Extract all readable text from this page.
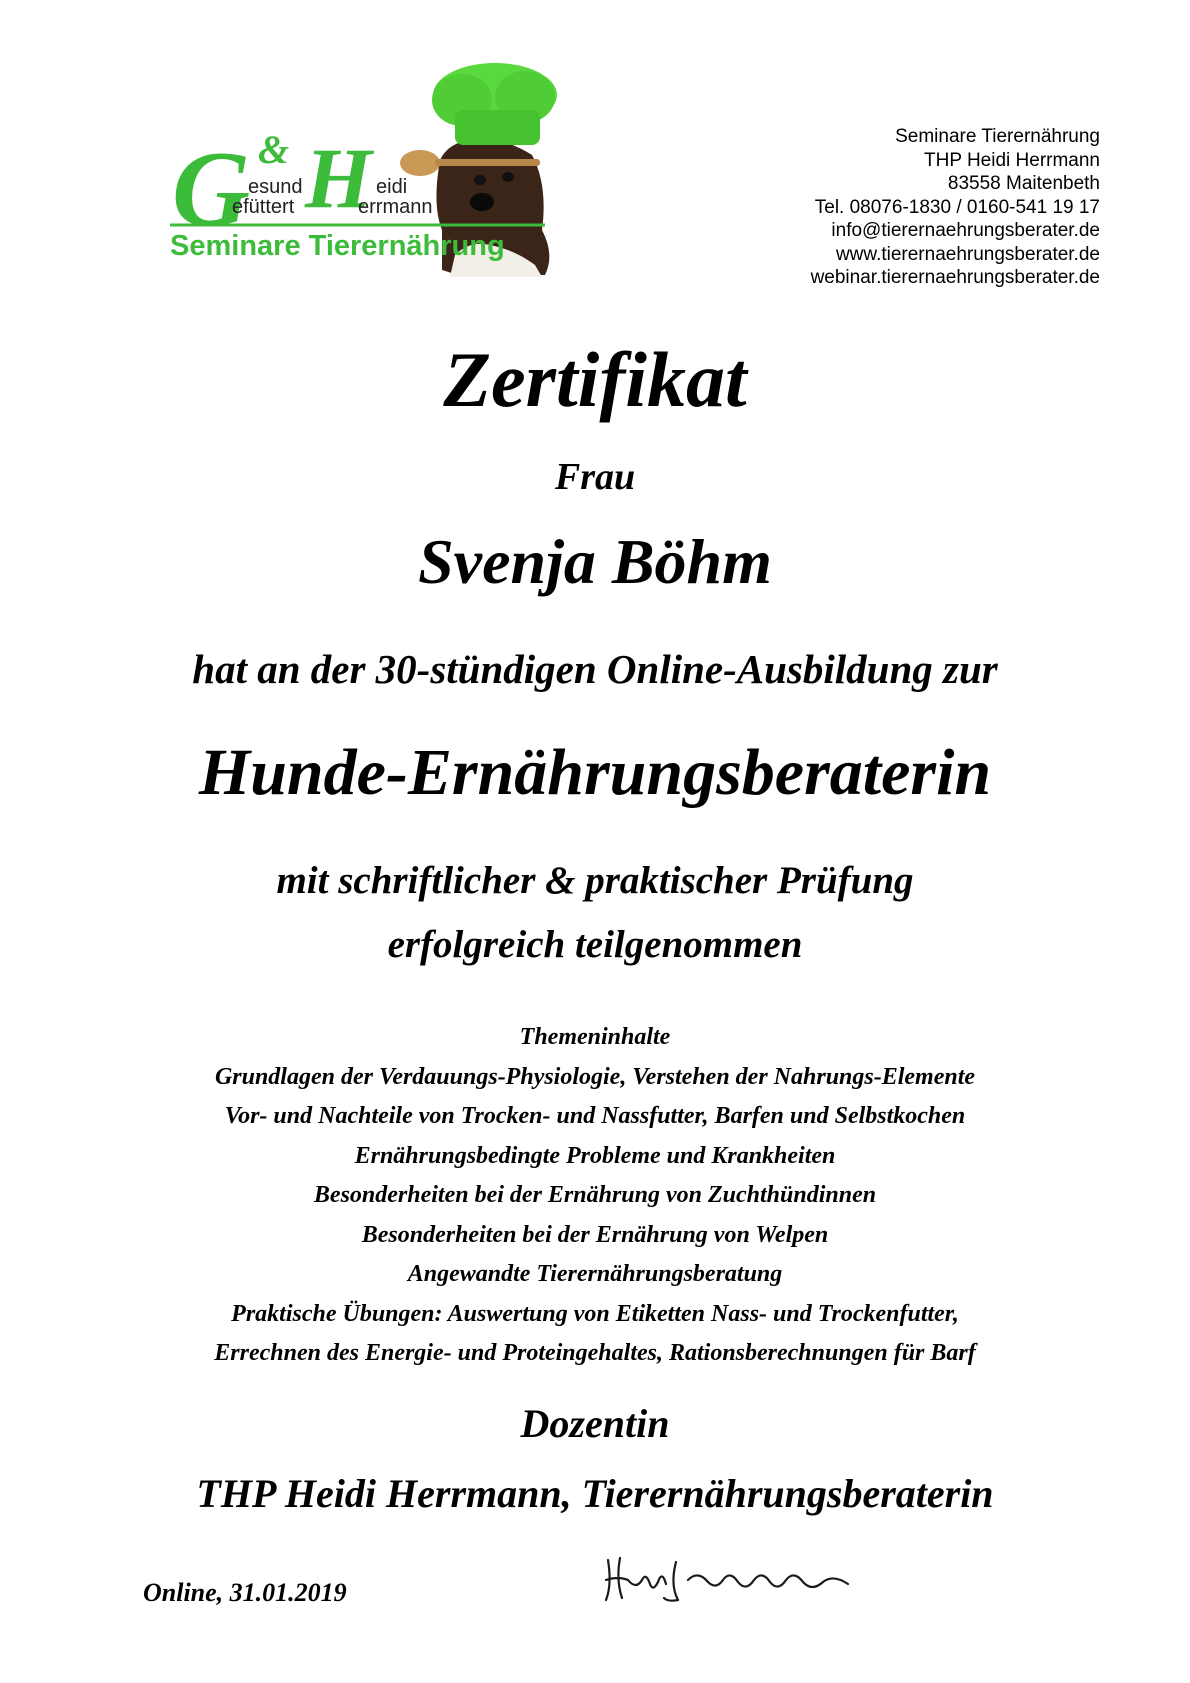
G & H
esund
efüttert
eidi
errmann
Seminare Tierernährung
Seminare Tierernährung
THP Heidi Herrmann
83558 Maitenbeth
Tel. 08076-1830 / 0160-541 19 17
info@tierernaehrungsberater.de
www.tierernaehrungsberater.de
webinar.tierernaehrungsberater.de
Zertifikat
Frau
Svenja Böhm
hat an der 30-stündigen Online-Ausbildung zur
Hunde-Ernährungsberaterin
mit schriftlicher & praktischer Prüfung
erfolgreich teilgenommen
Themeninhalte
Grundlagen der Verdauungs-Physiologie, Verstehen der Nahrungs-Elemente
Vor- und Nachteile von Trocken- und Nassfutter, Barfen und Selbstkochen
Ernährungsbedingte Probleme und Krankheiten
Besonderheiten bei der Ernährung von Zuchthündinnen
Besonderheiten bei der Ernährung von Welpen
Angewandte Tierernährungsberatung
Praktische Übungen: Auswertung von Etiketten Nass- und Trockenfutter,
Errechnen des Energie- und Proteingehaltes, Rationsberechnungen für Barf
Dozentin
THP Heidi Herrmann, Tierernährungsberaterin
Online, 31.01.2019
